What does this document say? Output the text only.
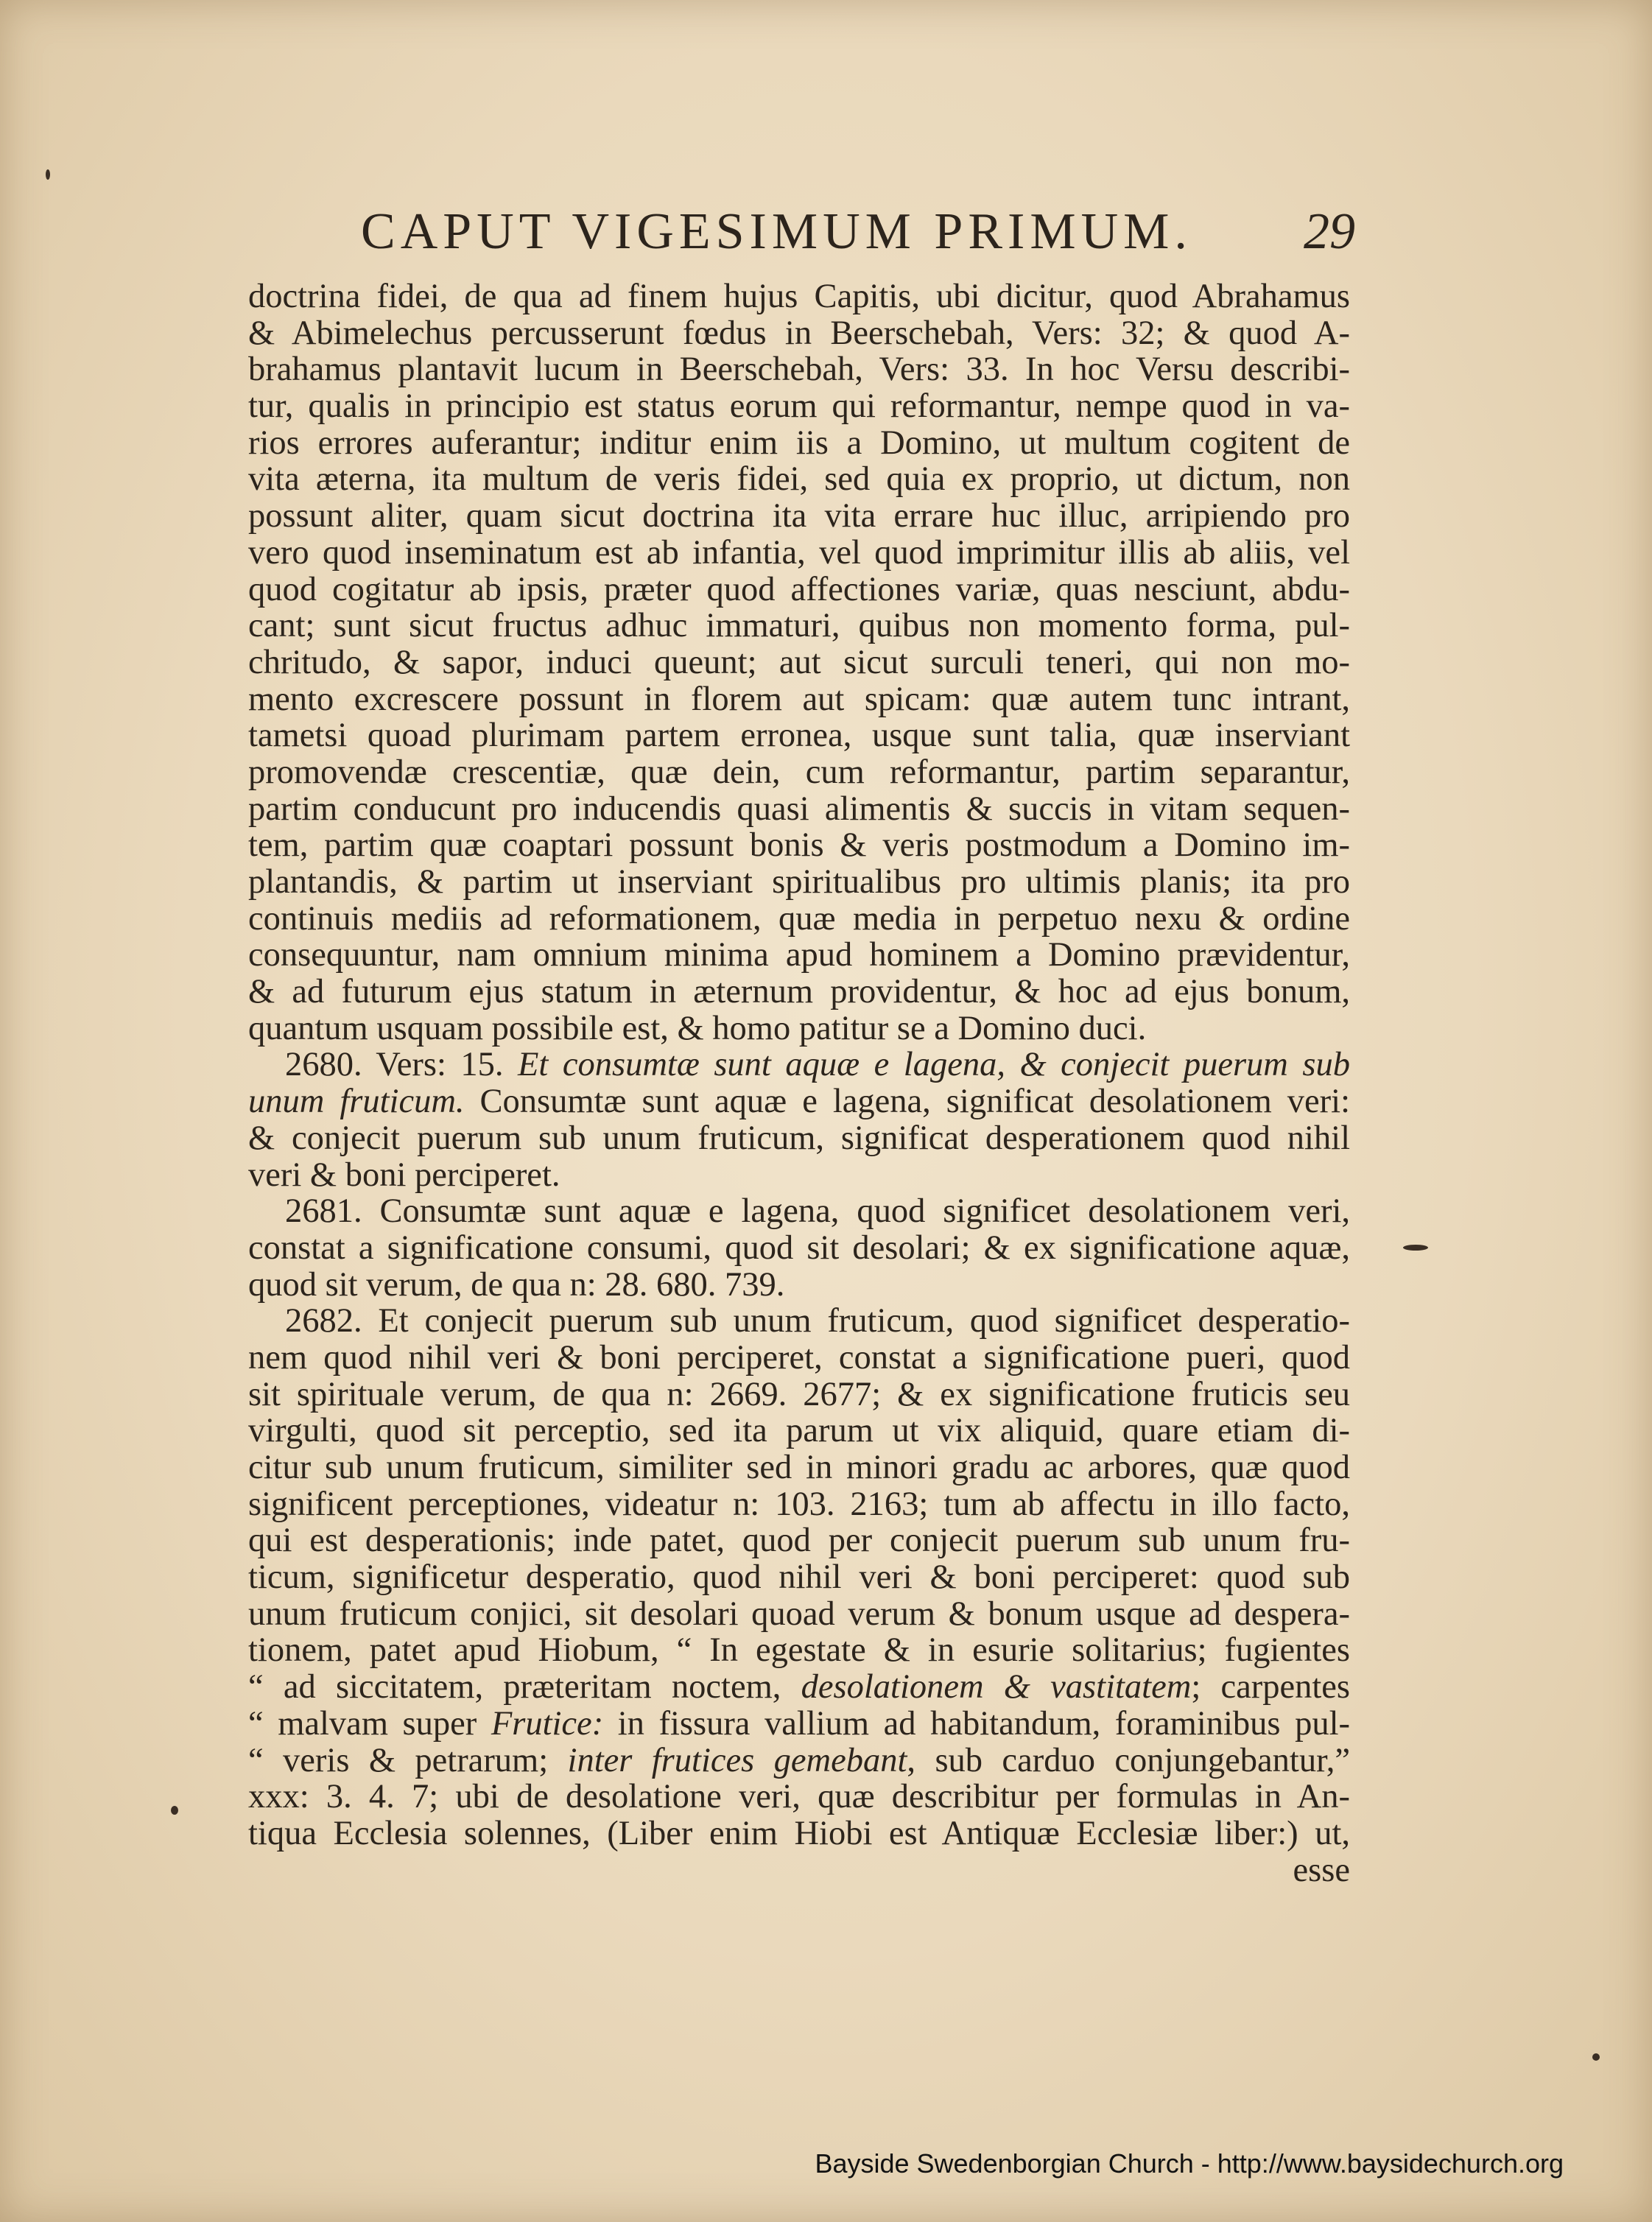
CAPUT VIGESIMUM PRIMUM. 29
doctrina fidei, de qua ad finem hujus Capitis, ubi dicitur, quod Abrahamus
& Abimelechus percusserunt fœdus in Beerschebah, Vers: 32; & quod A-
brahamus plantavit lucum in Beerschebah, Vers: 33. In hoc Versu describi-
tur, qualis in principio est status eorum qui reformantur, nempe quod in va-
rios errores auferantur; inditur enim iis a Domino, ut multum cogitent de
vita æterna, ita multum de veris fidei, sed quia ex proprio, ut dictum, non
possunt aliter, quam sicut doctrina ita vita errare huc illuc, arripiendo pro
vero quod inseminatum est ab infantia, vel quod imprimitur illis ab aliis, vel
quod cogitatur ab ipsis, præter quod affectiones variæ, quas nesciunt, abdu-
cant; sunt sicut fructus adhuc immaturi, quibus non momento forma, pul-
chritudo, & sapor, induci queunt; aut sicut surculi teneri, qui non mo-
mento excrescere possunt in florem aut spicam: quæ autem tunc intrant,
tametsi quoad plurimam partem erronea, usque sunt talia, quæ inserviant
promovendæ crescentiæ, quæ dein, cum reformantur, partim separantur,
partim conducunt pro inducendis quasi alimentis & succis in vitam sequen-
tem, partim quæ coaptari possunt bonis & veris postmodum a Domino im-
plantandis, & partim ut inserviant spiritualibus pro ultimis planis; ita pro
continuis mediis ad reformationem, quæ media in perpetuo nexu & ordine
consequuntur, nam omnium minima apud hominem a Domino prævidentur,
& ad futurum ejus statum in æternum providentur, & hoc ad ejus bonum,
quantum usquam possibile est, & homo patitur se a Domino duci.
2680. Vers: 15. Et consumtæ sunt aquæ e lagena, & conjecit puerum sub
unum fruticum. Consumtæ sunt aquæ e lagena, significat desolationem veri:
& conjecit puerum sub unum fruticum, significat desperationem quod nihil
veri & boni perciperet.
2681. Consumtæ sunt aquæ e lagena, quod significet desolationem veri,
constat a significatione consumi, quod sit desolari; & ex significatione aquæ,
quod sit verum, de qua n: 28. 680. 739.
2682. Et conjecit puerum sub unum fruticum, quod significet desperatio-
nem quod nihil veri & boni perciperet, constat a significatione pueri, quod
sit spirituale verum, de qua n: 2669. 2677; & ex significatione fruticis seu
virgulti, quod sit perceptio, sed ita parum ut vix aliquid, quare etiam di-
citur sub unum fruticum, similiter sed in minori gradu ac arbores, quæ quod
significent perceptiones, videatur n: 103. 2163; tum ab affectu in illo facto,
qui est desperationis; inde patet, quod per conjecit puerum sub unum fru-
ticum, significetur desperatio, quod nihil veri & boni perciperet: quod sub
unum fruticum conjici, sit desolari quoad verum & bonum usque ad despera-
tionem, patet apud Hiobum, “ In egestate & in esurie solitarius; fugientes
“ ad siccitatem, præteritam noctem, desolationem & vastitatem; carpentes
“ malvam super Frutice: in fissura vallium ad habitandum, foraminibus pul-
“ veris & petrarum; inter frutices gemebant, sub carduo conjungebantur,”
xxx: 3. 4. 7; ubi de desolatione veri, quæ describitur per formulas in An-
tiqua Ecclesia solennes, (Liber enim Hiobi est Antiquæ Ecclesiæ liber:) ut,
esse
Bayside Swedenborgian Church - http://www.baysidechurch.org
